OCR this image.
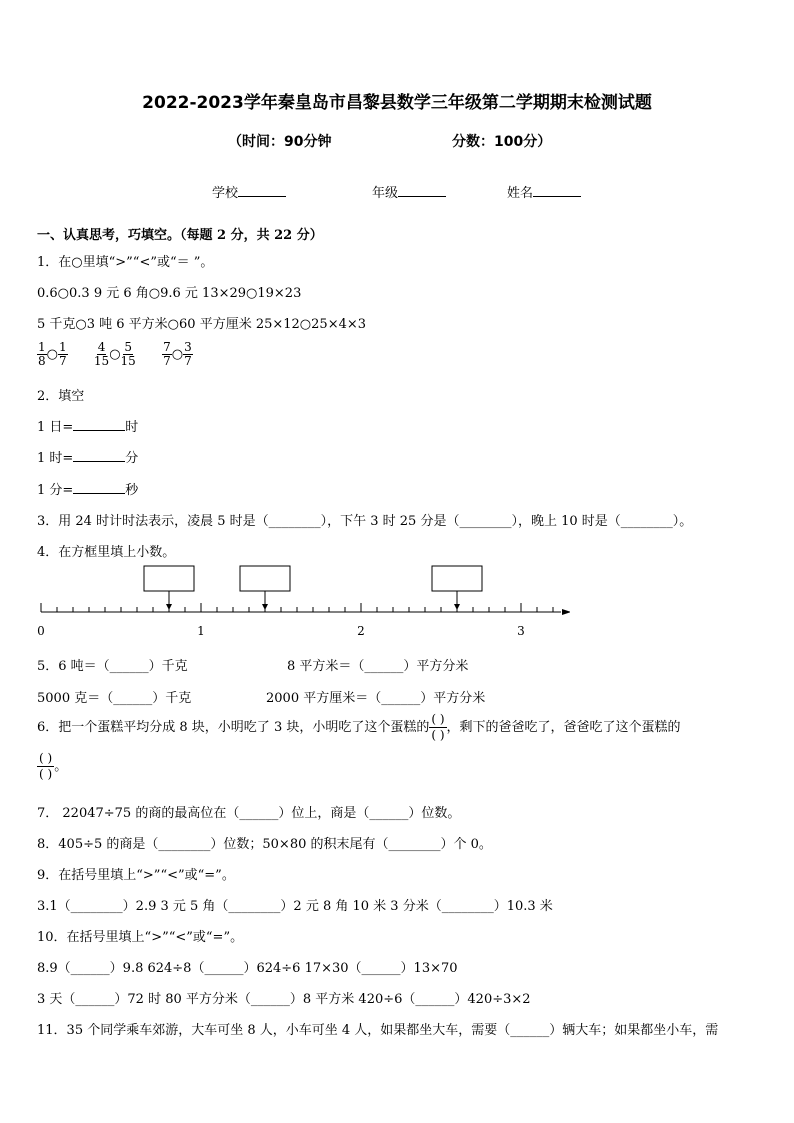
2022-2023学年秦皇岛市昌黎县数学三年级第二学期期末检测试题
（时间：90分钟	分数：100分）
学校	年级	姓名
一、认真思考，巧填空。（每题 2 分，共 22 分）
1．在○里填“>”“<”或“＝ ”。
0.6○0.3 9 元 6 角○9.6 元 13×29○19×23
5 千克○3 吨 6 平方米○60 平方厘米 25×12○25×4×3
$\frac{1}{8}$ ○ $\frac{1}{7}$
$\frac{4}{15}$ ○ $\frac{5}{15}$
$\frac{7}{7}$ ○ $\frac{3}{7}$
2．填空
1 日=	时
1 时=	分
1 分=	秒
3．用 24 时计时法表示，凌晨 5 时是（________），下午 3 时 25 分是（________），晚上 10 时是（________）。
4．在方框里填上小数。
0	1	2	3
5．6 吨＝（______）千克	8 平方米＝（______）平方分米
5000 克＝（______）千克	2000 平方厘米＝（______）平方分米
6．把一个蛋糕平均分成 8 块，小明吃了 3 块，小明吃了这个蛋糕的
( )
( ) ，剩下的爸爸吃了，爸爸吃了这个蛋糕的
( )
( ) 。
7． 22047÷75 的商的最高位在（______）位上，商是（______）位数。
8．405÷5 的商是（________）位数；50×80 的积末尾有（________）个 0。
9．在括号里填上“>”“<”或“=”。
3.1（________）2.9 3 元 5 角（________）2 元 8 角 10 米 3 分米（________）10.3 米
10．在括号里填上“>”“<”或“=”。
8.9（______）9.8 624÷8（______）624÷6 17×30（______）13×70
3 天（______）72 时 80 平方分米（______）8 平方米 420÷6（______）420÷3×2
11．35 个同学乘车郊游，大车可坐 8 人，小车可坐 4 人，如果都坐大车，需要（______）辆大车；如果都坐小车，需
